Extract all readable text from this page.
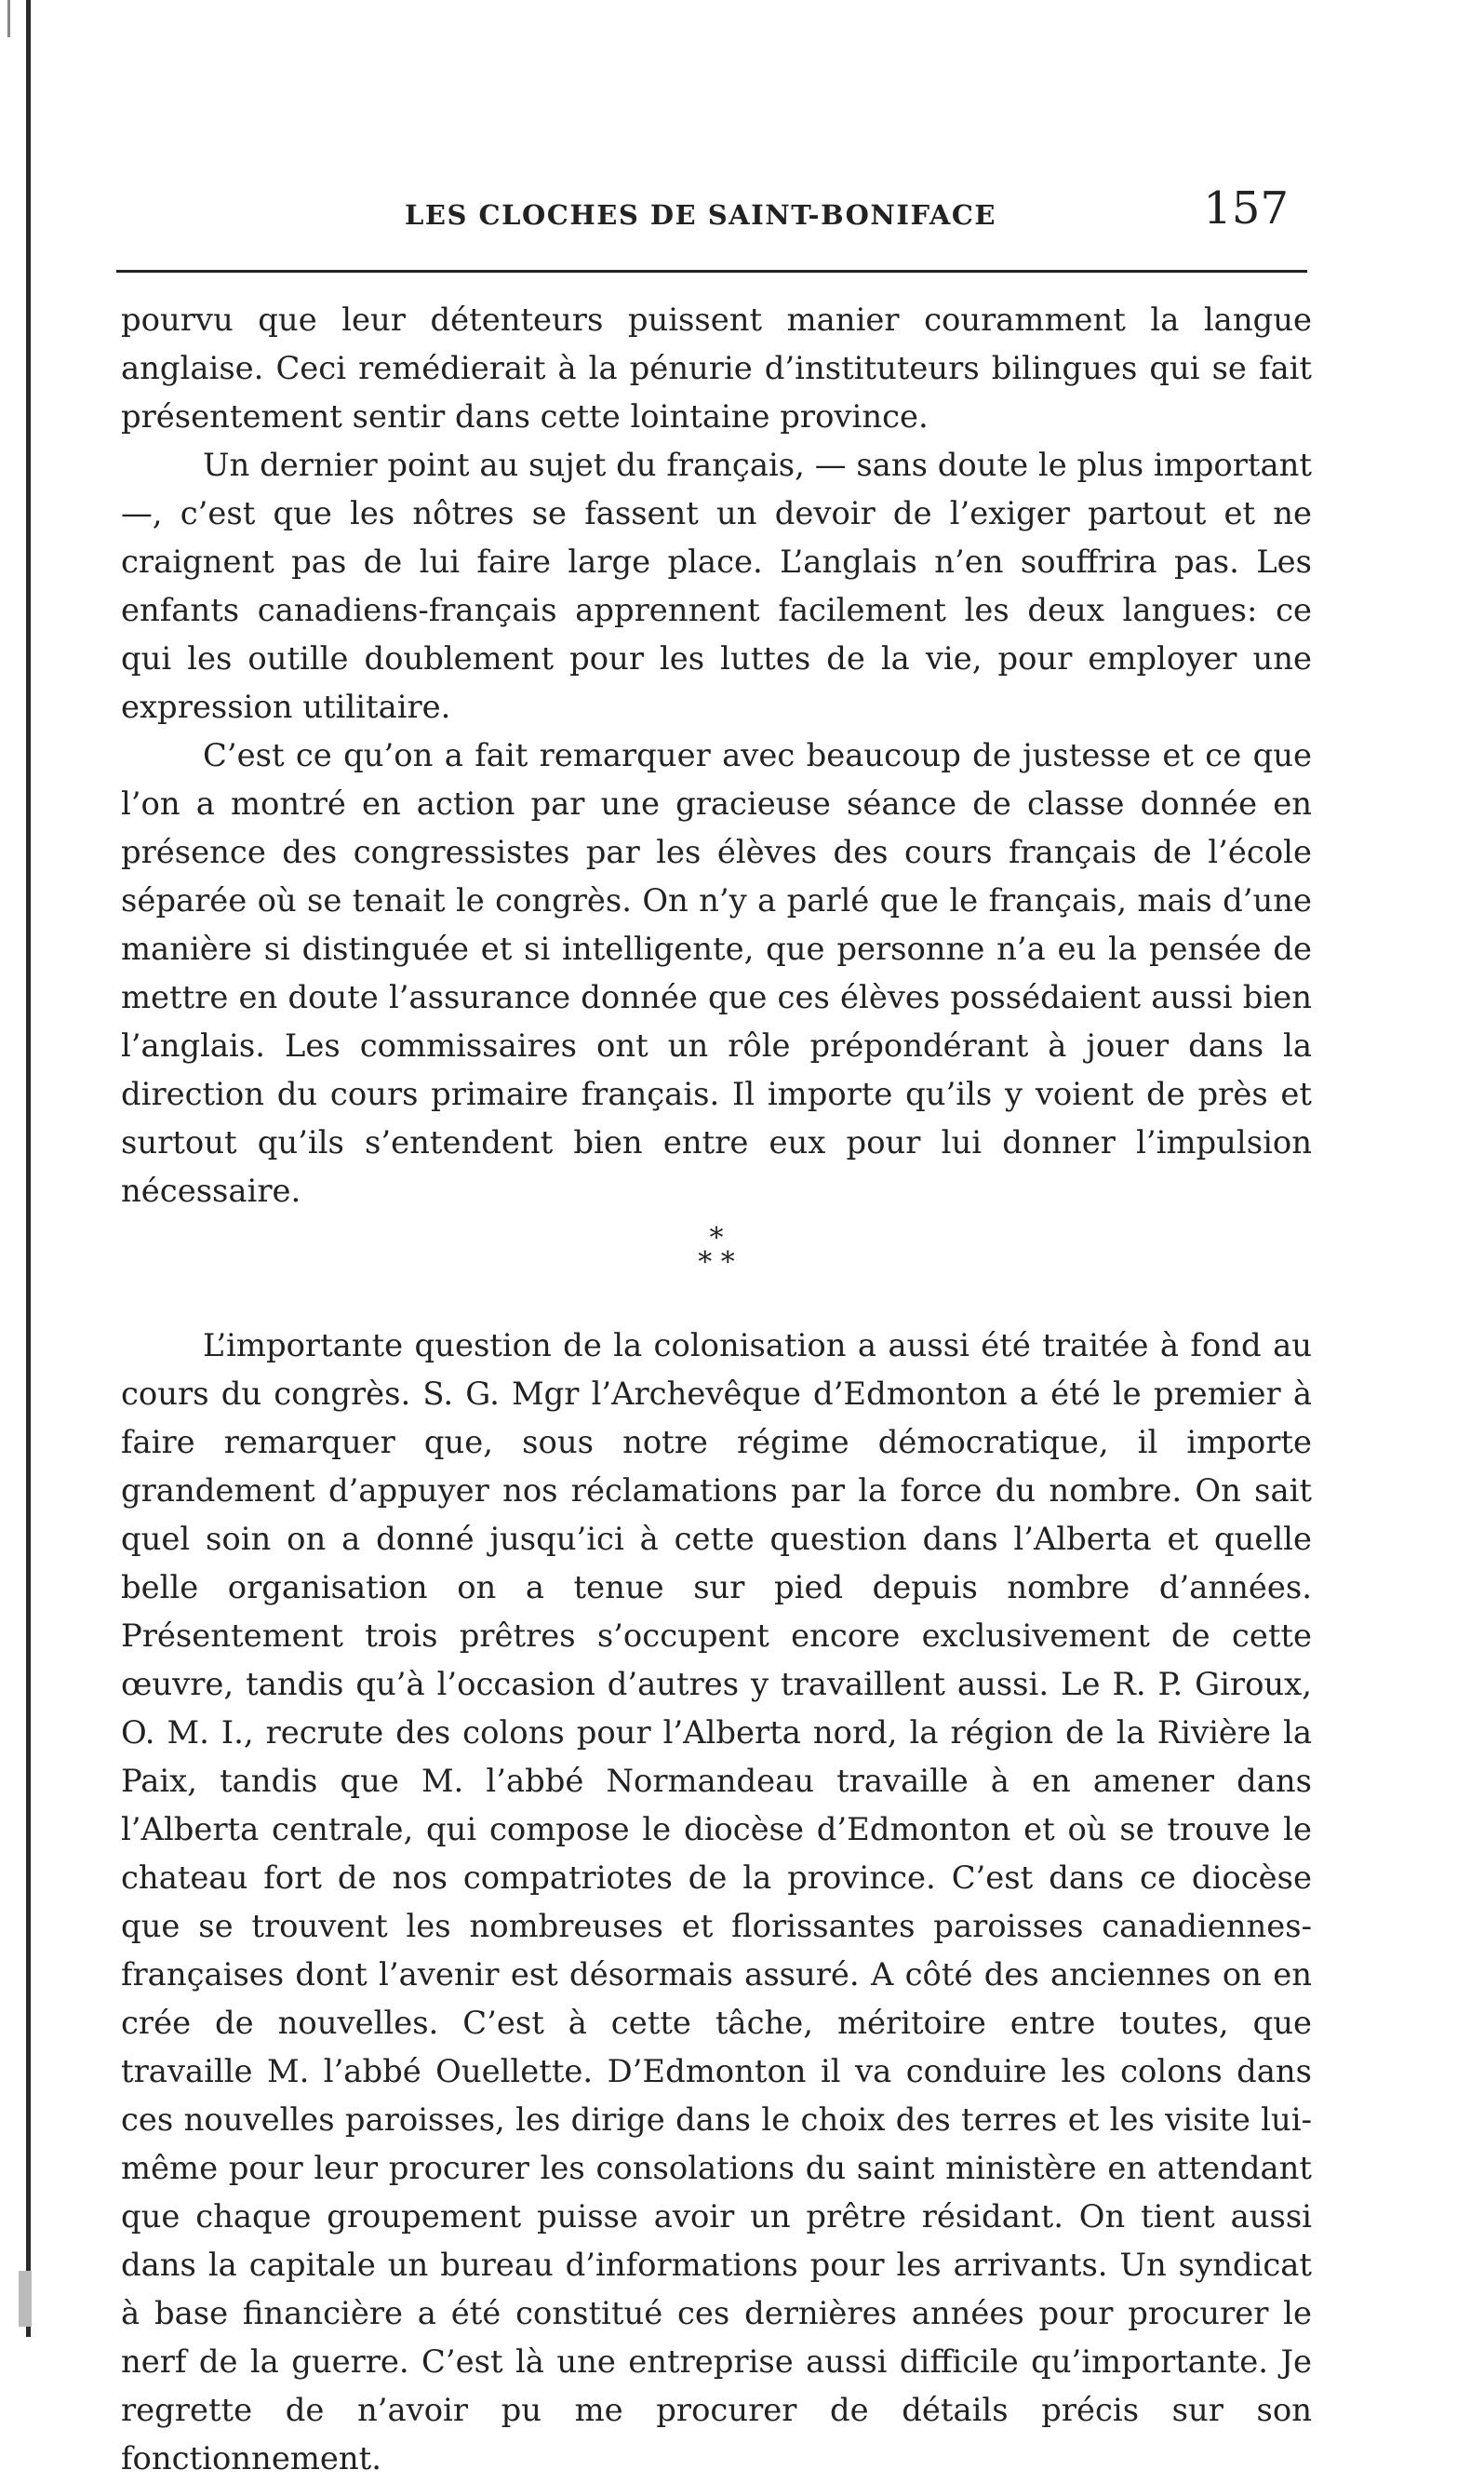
LES CLOCHES DE SAINT-BONIFACE	157

pourvu que leur détenteurs puissent manier couramment la langue anglaise. Ceci remédierait à la pénurie d’instituteurs bilingues qui se fait présentement sentir dans cette lointaine province.

Un dernier point au sujet du français, — sans doute le plus important —, c’est que les nôtres se fassent un devoir de l’exiger partout et ne craignent pas de lui faire large place. L’anglais n’en souffrira pas. Les enfants canadiens-français apprennent facilement les deux langues: ce qui les outille doublement pour les luttes de la vie, pour employer une expression utilitaire.

C’est ce qu’on a fait remarquer avec beaucoup de justesse et ce que l’on a montré en action par une gracieuse séance de classe donnée en présence des congressistes par les élèves des cours français de l’école séparée où se tenait le congrès. On n’y a parlé que le français, mais d’une manière si distinguée et si intelligente, que personne n’a eu la pensée de mettre en doute l’assurance donnée que ces élèves possédaient aussi bien l’anglais. Les commissaires ont un rôle prépondérant à jouer dans la direction du cours primaire français. Il importe qu’ils y voient de près et surtout qu’ils s’entendent bien entre eux pour lui donner l’impulsion nécessaire.

*
* *

L’importante question de la colonisation a aussi été traitée à fond au cours du congrès. S. G. Mgr l’Archevêque d’Edmonton a été le premier à faire remarquer que, sous notre régime démocratique, il importe grandement d’appuyer nos réclamations par la force du nombre. On sait quel soin on a donné jusqu’ici à cette question dans l’Alberta et quelle belle organisation on a tenue sur pied depuis nombre d’années. Présentement trois prêtres s’occupent encore exclusivement de cette œuvre, tandis qu’à l’occasion d’autres y travaillent aussi. Le R. P. Giroux, O. M. I., recrute des colons pour l’Alberta nord, la région de la Rivière la Paix, tandis que M. l’abbé Normandeau travaille à en amener dans l’Alberta centrale, qui compose le diocèse d’Edmonton et où se trouve le chateau fort de nos compatriotes de la province. C’est dans ce diocèse que se trouvent les nombreuses et florissantes paroisses canadiennes-françaises dont l’avenir est désormais assuré. A côté des anciennes on en crée de nouvelles. C’est à cette tâche, méritoire entre toutes, que travaille M. l’abbé Ouellette. D’Edmonton il va conduire les colons dans ces nouvelles paroisses, les dirige dans le choix des terres et les visite lui-même pour leur procurer les consolations du saint ministère en attendant que chaque groupement puisse avoir un prêtre résidant. On tient aussi dans la capitale un bureau d’informations pour les arrivants. Un syndicat à base financière a été constitué ces dernières années pour procurer le nerf de la guerre. C’est là une entreprise aussi difficile qu’importante. Je regrette de n’avoir pu me procurer de détails précis sur son fonctionnement.
